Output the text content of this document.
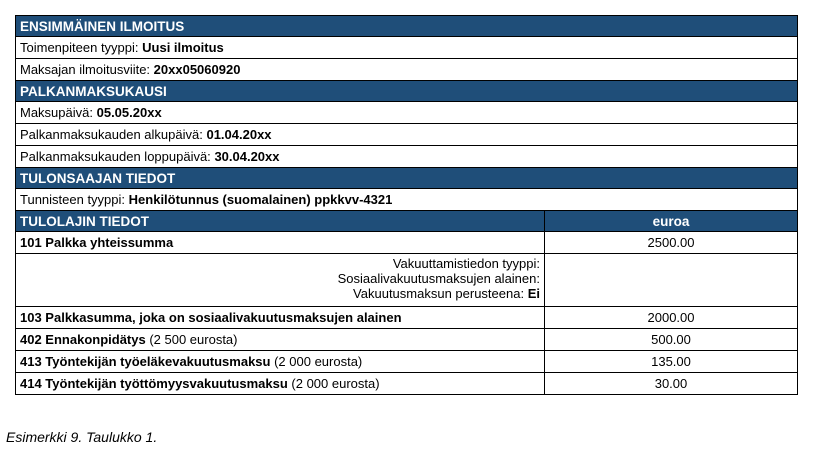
ENSIMMÄINEN ILMOITUS	
Toimenpiteen tyyppi: Uusi ilmoitus	
Maksajan ilmoitusviite: 20xx05060920	
PALKANMAKSUKAUSI	
Maksupäivä: 05.05.20xx	
Palkanmaksukauden alkupäivä: 01.04.20xx	
Palkanmaksukauden loppupäivä: 30.04.20xx	
TULONSAAJAN TIEDOT	
Tunnisteen tyyppi: Henkilötunnus (suomalainen) ppkkvv-4321	
TULOLAJIN TIEDOT	euroa
101 Palkka yhteissumma	2500.00

Vakuuttamistiedon tyyppi:
Sosiaalivakuutusmaksujen alainen:
Vakuutusmaksun perusteena: Ei	

103 Palkkasumma, joka on sosiaalivakuutusmaksujen alainen	2000.00
402 Ennakonpidätys (2 500 eurosta)	500.00
413 Työntekijän työeläkevakuutusmaksu (2 000 eurosta)	135.00
414 Työntekijän työttömyysvakuutusmaksu (2 000 eurosta)	30.00
Esimerkki 9. Taulukko 1.
